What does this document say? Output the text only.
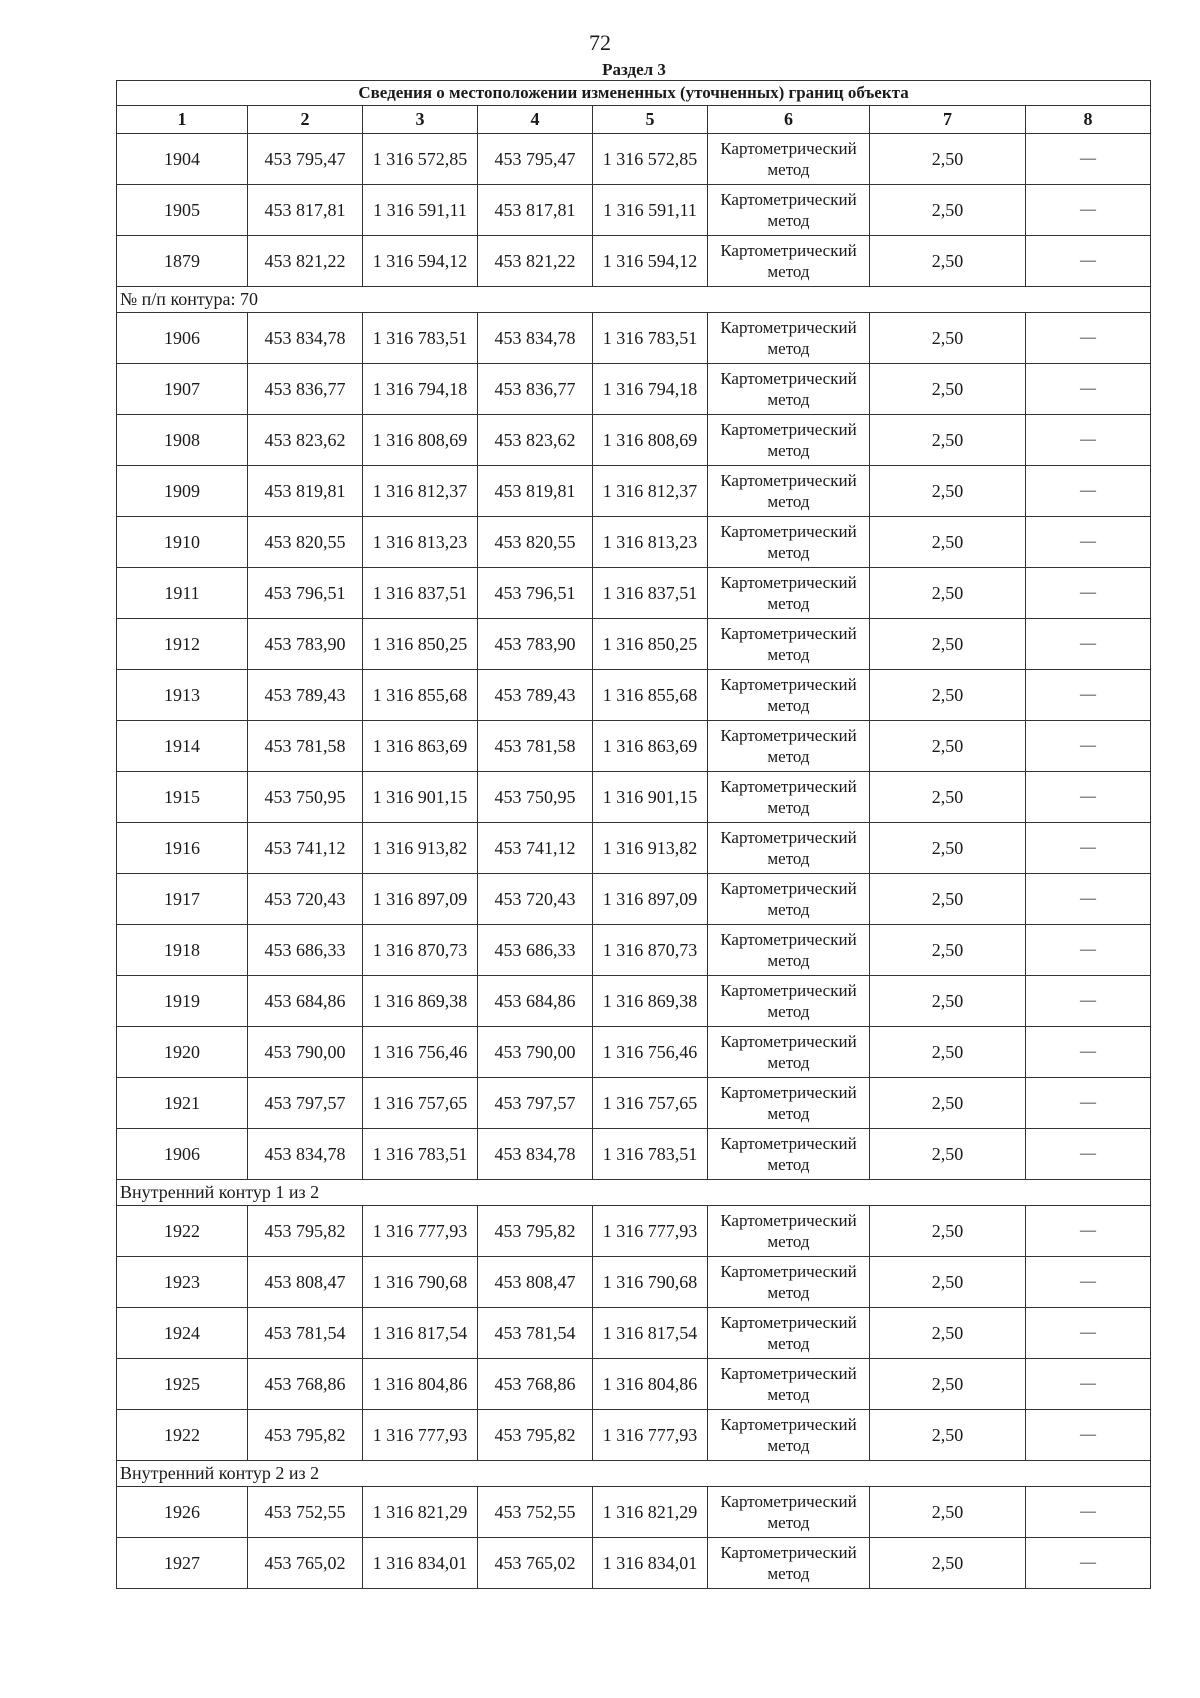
72
Раздел 3
Сведения о местоположении измененных (уточненных) границ объекта							
1	2	3	4	5	6	7	8
1904	453 795,47	1 316 572,85	453 795,47	1 316 572,85	Картометрический метод	2,50	—
1905	453 817,81	1 316 591,11	453 817,81	1 316 591,11	Картометрический метод	2,50	—
1879	453 821,22	1 316 594,12	453 821,22	1 316 594,12	Картометрический метод	2,50	—
№ п/п контура: 70							
1906	453 834,78	1 316 783,51	453 834,78	1 316 783,51	Картометрический метод	2,50	—
1907	453 836,77	1 316 794,18	453 836,77	1 316 794,18	Картометрический метод	2,50	—
1908	453 823,62	1 316 808,69	453 823,62	1 316 808,69	Картометрический метод	2,50	—
1909	453 819,81	1 316 812,37	453 819,81	1 316 812,37	Картометрический метод	2,50	—
1910	453 820,55	1 316 813,23	453 820,55	1 316 813,23	Картометрический метод	2,50	—
1911	453 796,51	1 316 837,51	453 796,51	1 316 837,51	Картометрический метод	2,50	—
1912	453 783,90	1 316 850,25	453 783,90	1 316 850,25	Картометрический метод	2,50	—
1913	453 789,43	1 316 855,68	453 789,43	1 316 855,68	Картометрический метод	2,50	—
1914	453 781,58	1 316 863,69	453 781,58	1 316 863,69	Картометрический метод	2,50	—
1915	453 750,95	1 316 901,15	453 750,95	1 316 901,15	Картометрический метод	2,50	—
1916	453 741,12	1 316 913,82	453 741,12	1 316 913,82	Картометрический метод	2,50	—
1917	453 720,43	1 316 897,09	453 720,43	1 316 897,09	Картометрический метод	2,50	—
1918	453 686,33	1 316 870,73	453 686,33	1 316 870,73	Картометрический метод	2,50	—
1919	453 684,86	1 316 869,38	453 684,86	1 316 869,38	Картометрический метод	2,50	—
1920	453 790,00	1 316 756,46	453 790,00	1 316 756,46	Картометрический метод	2,50	—
1921	453 797,57	1 316 757,65	453 797,57	1 316 757,65	Картометрический метод	2,50	—
1906	453 834,78	1 316 783,51	453 834,78	1 316 783,51	Картометрический метод	2,50	—
Внутренний контур 1 из 2							
1922	453 795,82	1 316 777,93	453 795,82	1 316 777,93	Картометрический метод	2,50	—
1923	453 808,47	1 316 790,68	453 808,47	1 316 790,68	Картометрический метод	2,50	—
1924	453 781,54	1 316 817,54	453 781,54	1 316 817,54	Картометрический метод	2,50	—
1925	453 768,86	1 316 804,86	453 768,86	1 316 804,86	Картометрический метод	2,50	—
1922	453 795,82	1 316 777,93	453 795,82	1 316 777,93	Картометрический метод	2,50	—
Внутренний контур 2 из 2							
1926	453 752,55	1 316 821,29	453 752,55	1 316 821,29	Картометрический метод	2,50	—
1927	453 765,02	1 316 834,01	453 765,02	1 316 834,01	Картометрический метод	2,50	—
